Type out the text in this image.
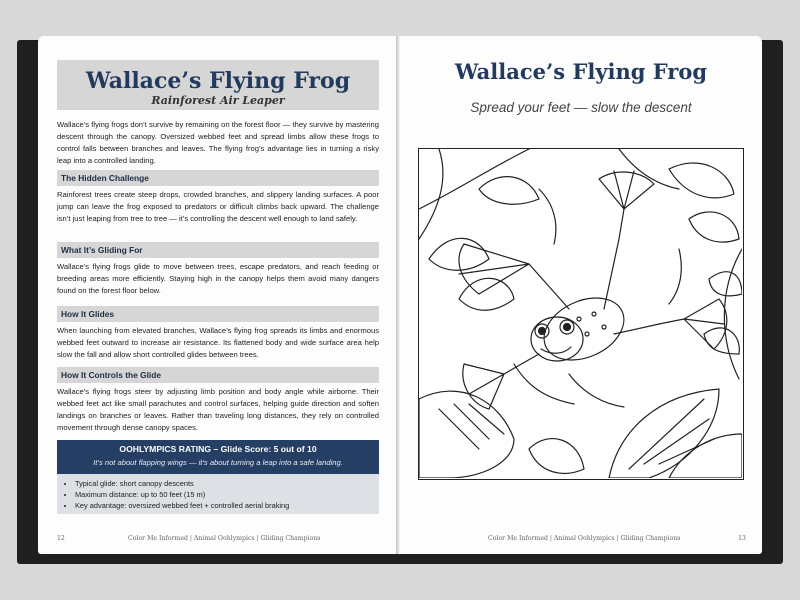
Wallace’s Flying Frog
Rainforest Air Leaper
Wallace’s flying frogs don’t survive by remaining on the forest floor — they survive by mastering descent through the canopy. Oversized webbed feet and spread limbs allow these frogs to control falls between branches and leaves. The flying frog’s advantage lies in turning a risky leap into a controlled landing.
The Hidden Challenge
Rainforest trees create steep drops, crowded branches, and slippery landing surfaces. A poor jump can leave the frog exposed to predators or difficult climbs back upward. The challenge isn’t just leaping from tree to tree — it’s controlling the descent well enough to land safely.
What It’s Gliding For
Wallace’s flying frogs glide to move between trees, escape predators, and reach feeding or breeding areas more efficiently. Staying high in the canopy helps them avoid many dangers found on the forest floor below.
How It Glides
When launching from elevated branches, Wallace’s flying frog spreads its limbs and enormous webbed feet outward to increase air resistance. Its flattened body and wide surface area help slow the fall and allow short controlled glides between trees.
How It Controls the Glide
Wallace’s flying frogs steer by adjusting limb position and body angle while airborne. Their webbed feet act like small parachutes and control surfaces, helping guide direction and soften landings on branches or leaves. Rather than traveling long distances, they rely on controlled movement through dense canopy spaces.
OOHLYMPICS RATING – Glide Score: 5 out of 10
It’s not about flapping wings — it’s about turning a leap into a safe landing.
• Typical glide: short canopy descents
• Maximum distance: up to 50 feet (15 m)
• Key advantage: oversized webbed feet + controlled aerial braking
12	Color Me Informed | Animal Oohlympics | Gliding Champions
Wallace’s Flying Frog
Spread your feet — slow the descent
Color Me Informed | Animal Oohlympics | Gliding Champions	13
